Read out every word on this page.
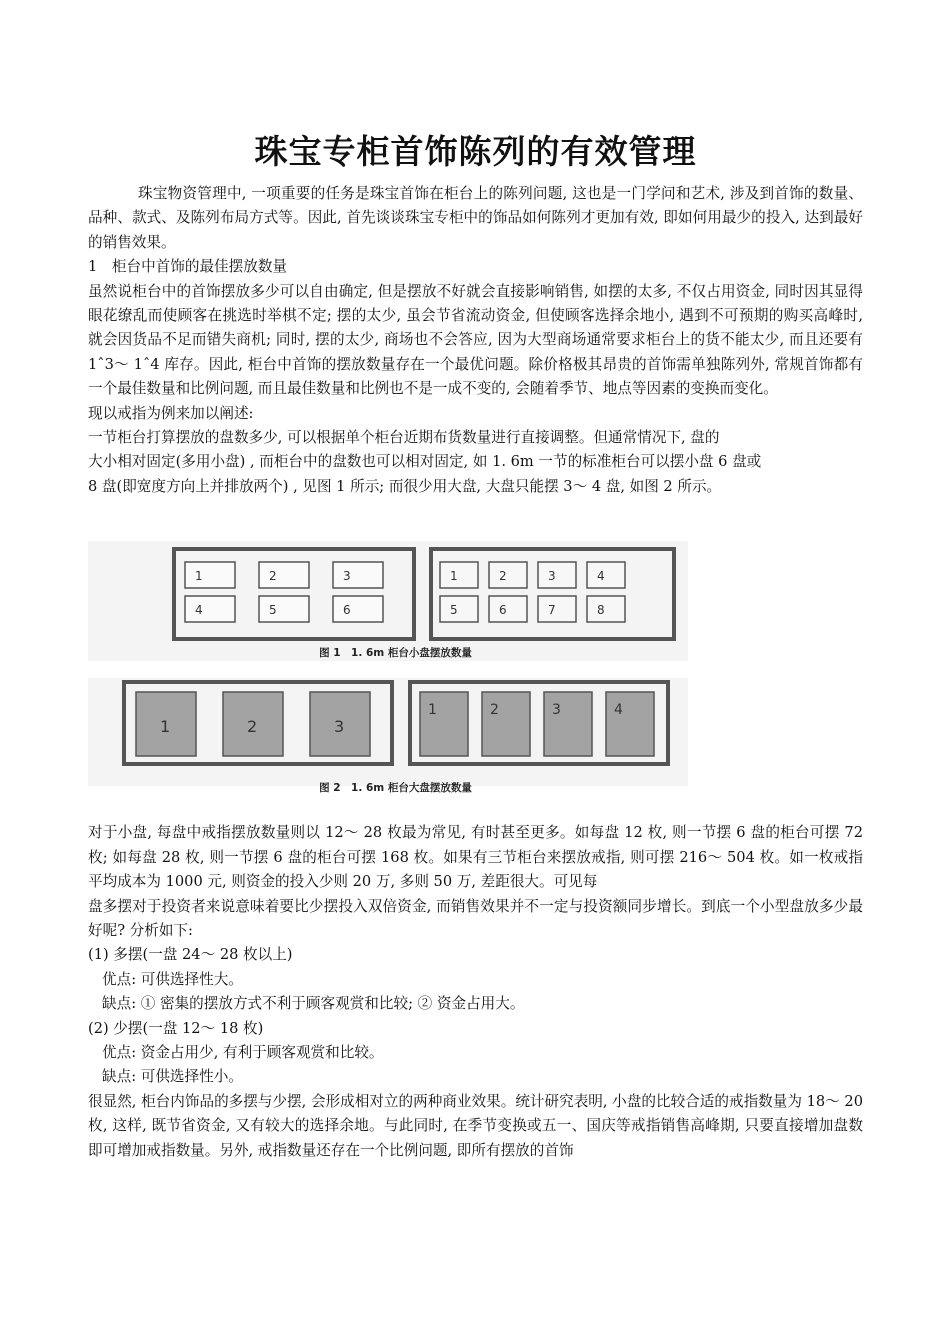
珠宝专柜首饰陈列的有效管理

珠宝物资管理中, 一项重要的任务是珠宝首饰在柜台上的陈列问题, 这也是一门学问和艺术, 涉及到首饰的数量、品种、款式、及陈列布局方式等。因此, 首先谈谈珠宝专柜中的饰品如何陈列才更加有效, 即如何用最少的投入, 达到最好的销售效果。

1　柜台中首饰的最佳摆放数量

虽然说柜台中的首饰摆放多少可以自由确定, 但是摆放不好就会直接影响销售, 如摆的太多, 不仅占用资金, 同时因其显得眼花缭乱而使顾客在挑选时举棋不定; 摆的太少, 虽会节省流动资金, 但使顾客选择余地小, 遇到不可预期的购买高峰时, 就会因货品不足而错失商机; 同时, 摆的太少, 商场也不会答应, 因为大型商场通常要求柜台上的货不能太少, 而且还要有 1ˆ3～ 1ˆ4 库存。因此, 柜台中首饰的摆放数量存在一个最优问题。除价格极其昂贵的首饰需单独陈列外, 常规首饰都有一个最佳数量和比例问题, 而且最佳数量和比例也不是一成不变的, 会随着季节、地点等因素的变换而变化。

现以戒指为例来加以阐述:

一节柜台打算摆放的盘数多少, 可以根据单个柜台近期布货数量进行直接调整。但通常情况下, 盘的

大小相对固定(多用小盘) , 而柜台中的盘数也可以相对固定, 如 1. 6m 一节的标准柜台可以摆小盘 6 盘或

8 盘(即宽度方向上并排放两个) , 见图 1 所示; 而很少用大盘, 大盘只能摆 3～ 4 盘, 如图 2 所示。

1	2	3
4	5	6
1	2	3	4
5	6	7	8

图 1　1. 6m 柜台小盘摆放数量

1	2	3
1	2	3	4

图 2　1. 6m 柜台大盘摆放数量

对于小盘, 每盘中戒指摆放数量则以 12～ 28 枚最为常见, 有时甚至更多。如每盘 12 枚, 则一节摆 6 盘的柜台可摆 72 枚; 如每盘 28 枚, 则一节摆 6 盘的柜台可摆 168 枚。如果有三节柜台来摆放戒指, 则可摆 216～ 504 枚。如一枚戒指平均成本为 1000 元, 则资金的投入少则 20 万, 多则 50 万, 差距很大。可见每

盘多摆对于投资者来说意味着要比少摆投入双倍资金, 而销售效果并不一定与投资额同步增长。到底一个小型盘放多少最好呢? 分析如下:

(1) 多摆(一盘 24～ 28 枚以上)

优点: 可供选择性大。

缺点: ① 密集的摆放方式不利于顾客观赏和比较; ② 资金占用大。

(2) 少摆(一盘 12～ 18 枚)

优点: 资金占用少, 有利于顾客观赏和比较。

缺点: 可供选择性小。

很显然, 柜台内饰品的多摆与少摆, 会形成相对立的两种商业效果。统计研究表明, 小盘的比较合适的戒指数量为 18～ 20 枚, 这样, 既节省资金, 又有较大的选择余地。与此同时, 在季节变换或五一、国庆等戒指销售高峰期, 只要直接增加盘数即可增加戒指数量。另外, 戒指数量还存在一个比例问题, 即所有摆放的首饰
